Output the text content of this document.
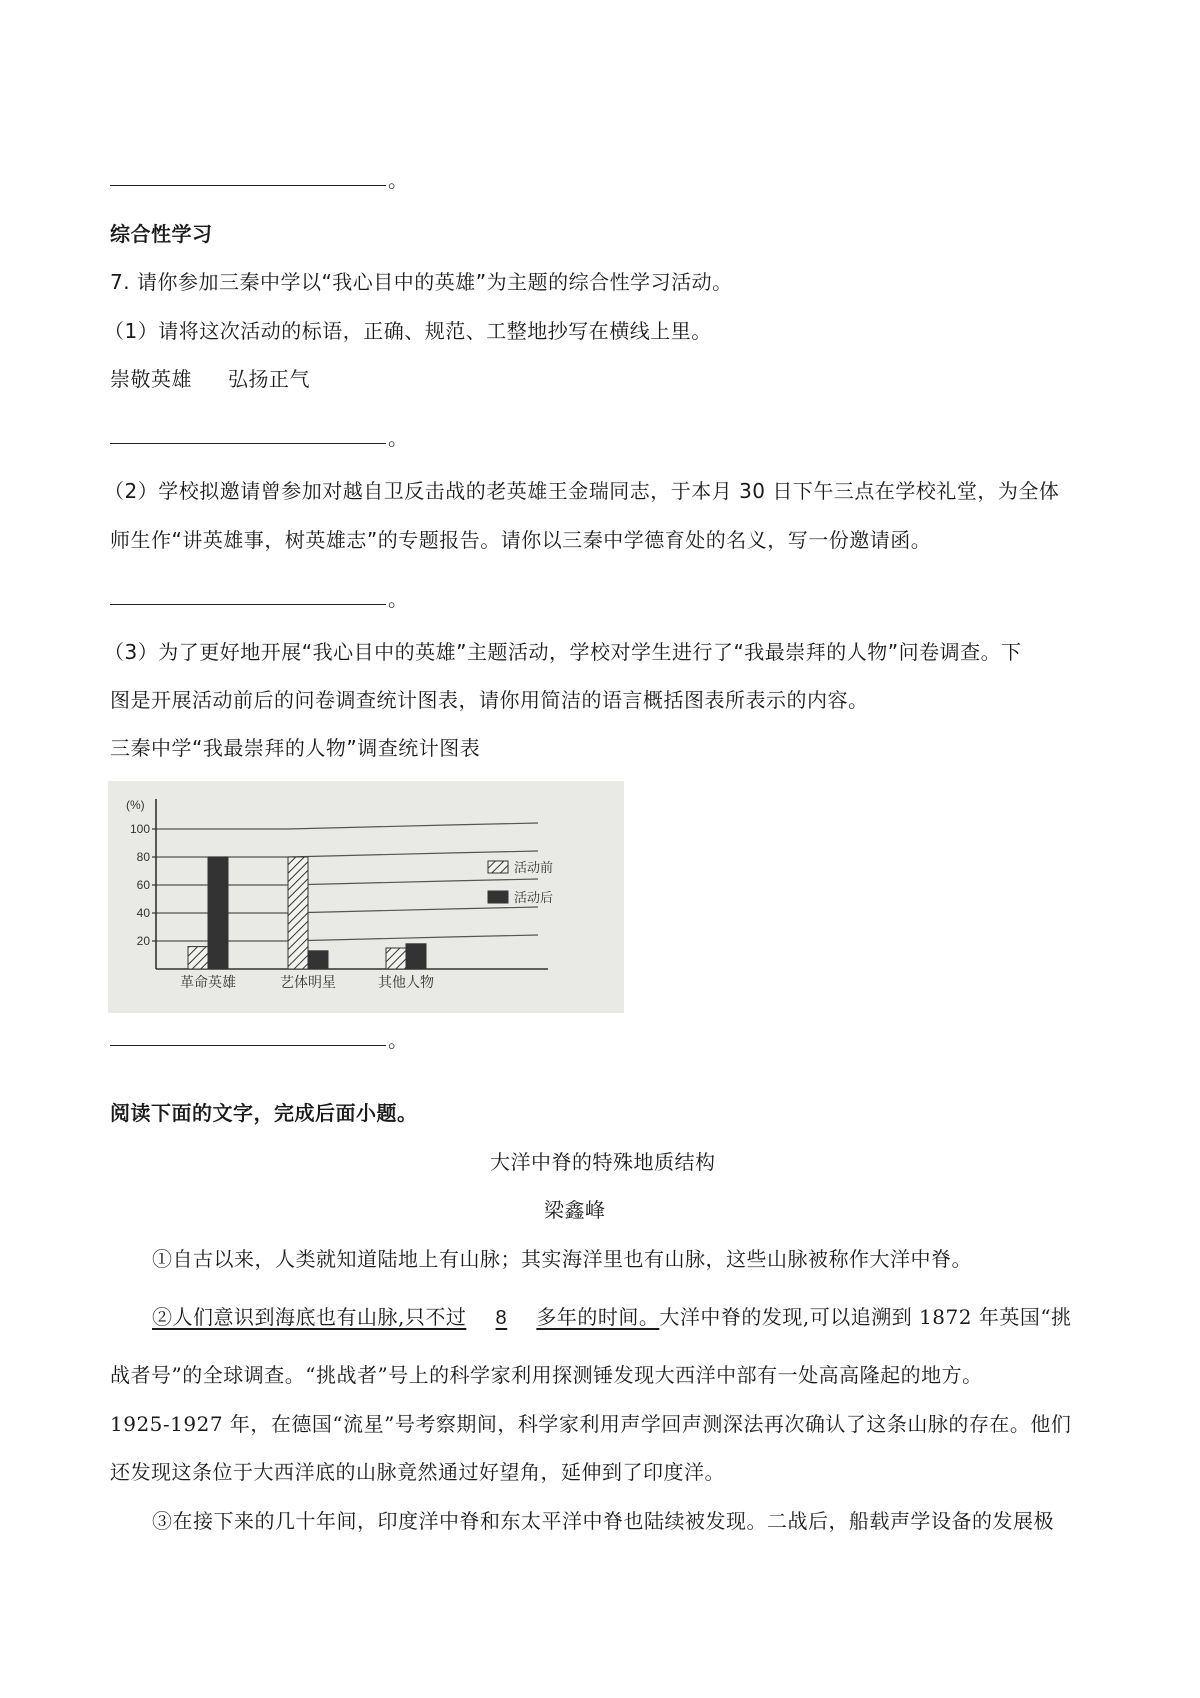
。
综合性学习
7. 请你参加三秦中学以“我心目中的英雄”为主题的综合性学习活动。
（1）请将这次活动的标语，正确、规范、工整地抄写在横线上里。
崇敬英雄 弘扬正气
。
（2）学校拟邀请曾参加对越自卫反击战的老英雄王金瑞同志，于本月 30 日下午三点在学校礼堂，为全体
师生作“讲英雄事，树英雄志”的专题报告。请你以三秦中学德育处的名义，写一份邀请函。
。
（3）为了更好地开展“我心目中的英雄”主题活动，学校对学生进行了“我最崇拜的人物”问卷调查。下
图是开展活动前后的问卷调查统计图表，请你用简洁的语言概括图表所表示的内容。
三秦中学“我最崇拜的人物”调查统计图表
(%)
20
40
60
80
100
革命英雄	艺体明星	其他人物
活动前
活动后
。
阅读下面的文字，完成后面小题。
大洋中脊的特殊地质结构
梁鑫峰
①自古以来，人类就知道陆地上有山脉；其实海洋里也有山脉，这些山脉被称作大洋中脊。
②人们意识到海底也有山脉,只不过 8 多年的时间。大洋中脊的发现,可以追溯到 1872 年英国“挑
战者号”的全球调查。“挑战者”号上的科学家利用探测锤发现大西洋中部有一处高高隆起的地方。
1925-1927 年，在德国“流星”号考察期间，科学家利用声学回声测深法再次确认了这条山脉的存在。他们
还发现这条位于大西洋底的山脉竟然通过好望角，延伸到了印度洋。
③在接下来的几十年间，印度洋中脊和东太平洋中脊也陆续被发现。二战后，船载声学设备的发展极
